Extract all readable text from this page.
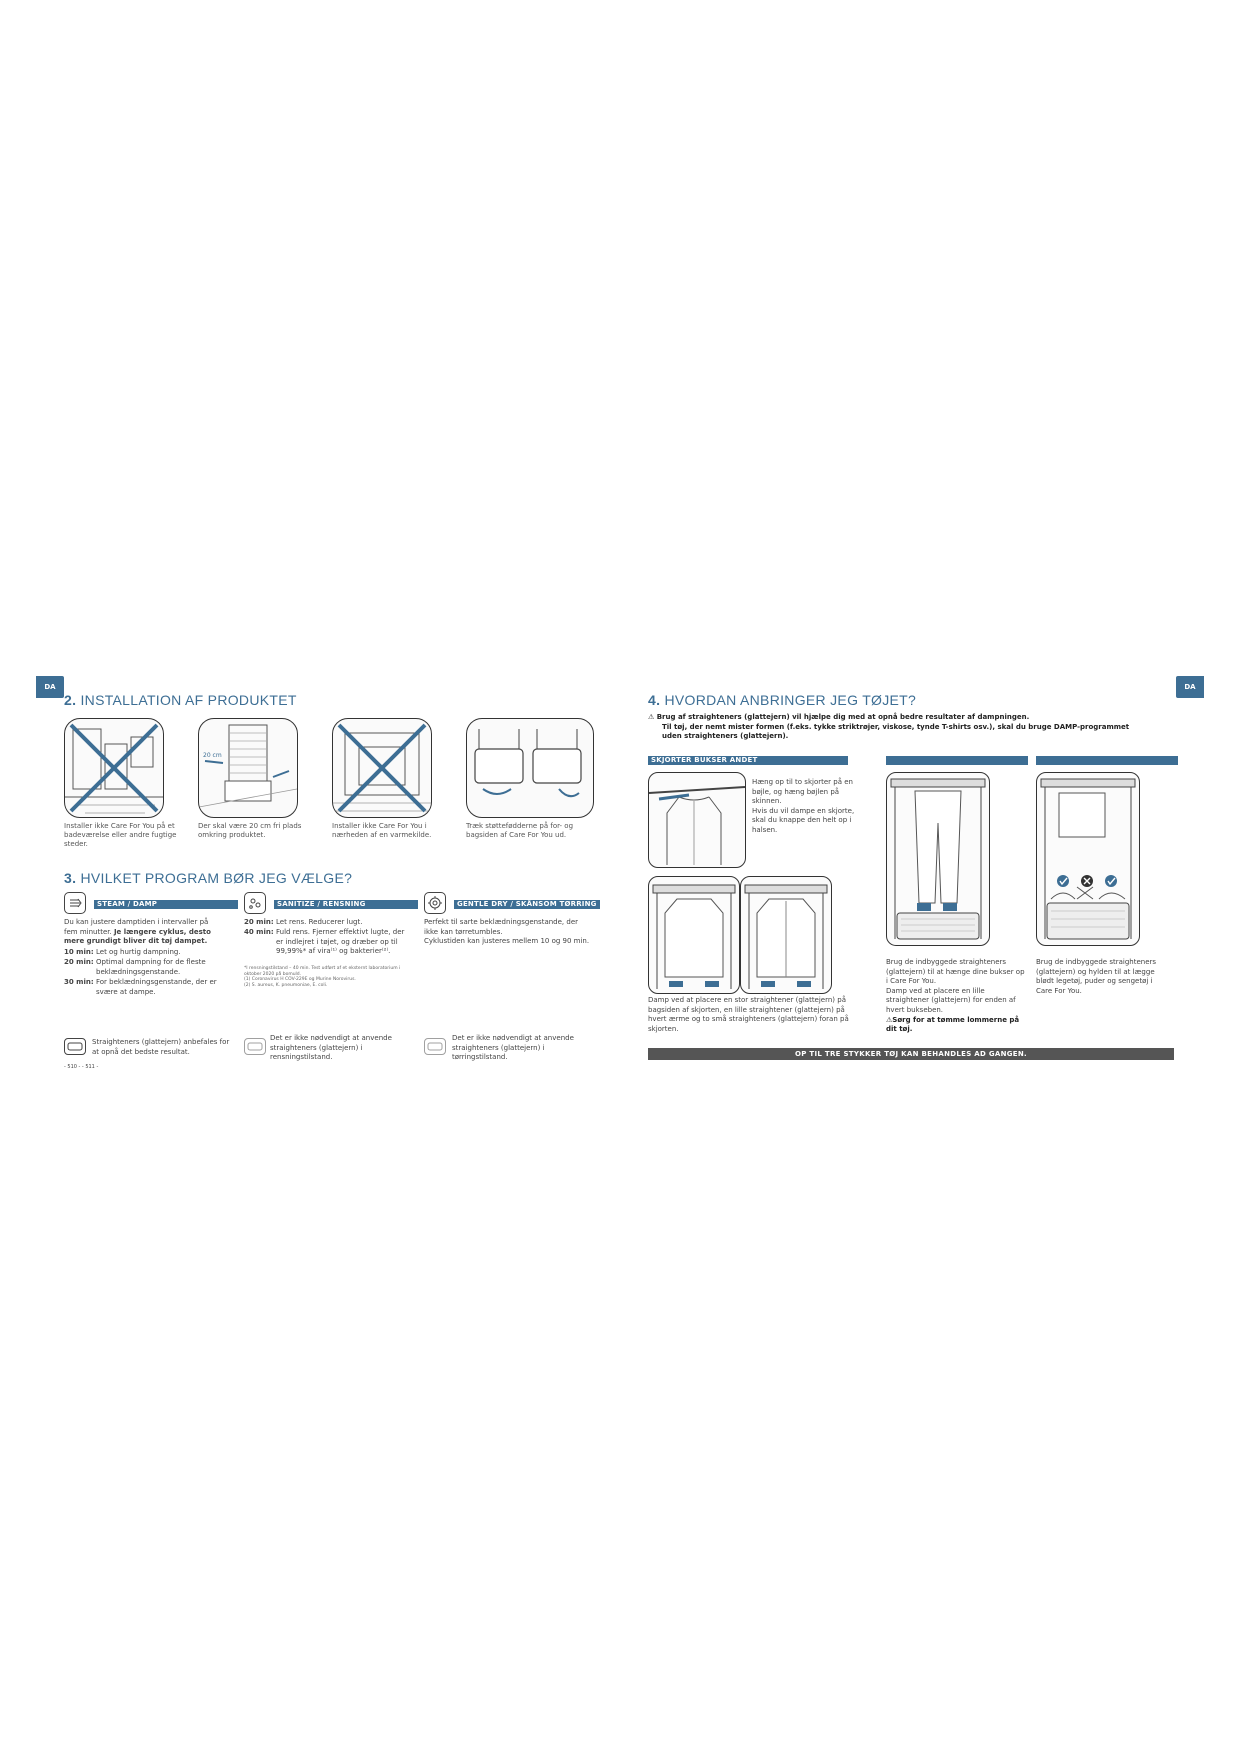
DA
2. INSTALLATION AF PRODUKTET
20 cm
Installer ikke Care For You på et badeværelse eller andre fugtige steder.
Der skal være 20 cm fri plads omkring produktet.
Installer ikke Care For You i nærheden af en varmekilde.
Træk støttefødderne på for- og bagsiden af Care For You ud.
3. HVILKET PROGRAM BØR JEG VÆLGE?
STEAM / DAMP	SANITIZE / RENSNING	GENTLE DRY / SKÅNSOM TØRRING
Du kan justere damptiden i intervaller på fem minutter. Je længere cyklus, desto mere grundigt bliver dit tøj dampet.
10 min: Let og hurtig dampning.
20 min: Optimal dampning for de fleste beklædningsgenstande.
30 min: For beklædningsgenstande, der er svære at dampe.
20 min: Let rens. Reducerer lugt.
40 min: Fuld rens. Fjerner effektivt lugte, der er indlejret i tøjet, og dræber op til 99,99%* af vira⁽¹⁾ og bakterier⁽²⁾.
*I rensningstilstand – 40 min. Test udført af et eksternt laboratorium i oktober 2020 på bomuld.
(1) Coronavirus H COV-229E og Murine Norovirus.
(2) S. aureus, K. pneumoniae, E. coli.
Perfekt til sarte beklædningsgenstande, der ikke kan tørretumbles.
Cyklustiden kan justeres mellem 10 og 90 min.
Straighteners (glattejern) anbefales for at opnå det bedste resultat.
Det er ikke nødvendigt at anvende straighteners (glattejern) i rensningstilstand.
Det er ikke nødvendigt at anvende straighteners (glattejern) i tørringstilstand.
- 510 - - 511 -
DA
4. HVORDAN ANBRINGER JEG TØJET?
⚠ Brug af straighteners (glattejern) vil hjælpe dig med at opnå bedre resultater af dampningen.
Til tøj, der nemt mister formen (f.eks. tykke striktrøjer, viskose, tynde T-shirts osv.), skal du bruge DAMP-programmet uden straighteners (glattejern).
SKJORTER BUKSER ANDET
Hæng op til to skjorter på en bøjle, og hæng bøjlen på skinnen.
Hvis du vil dampe en skjorte, skal du knappe den helt op i halsen.
Damp ved at placere en stor straightener (glattejern) på bagsiden af skjorten, en lille straightener (glattejern) på hvert ærme og to små straighteners (glattejern) foran på skjorten.
Brug de indbyggede straighteners (glattejern) til at hænge dine bukser op i Care For You.
Damp ved at placere en lille straightener (glattejern) for enden af hvert bukseben.
⚠Sørg for at tømme lommerne på dit tøj.
Brug de indbyggede straighteners (glattejern) og hylden til at lægge blødt legetøj, puder og sengetøj i Care For You.
OP TIL TRE STYKKER TØJ KAN BEHANDLES AD GANGEN.
